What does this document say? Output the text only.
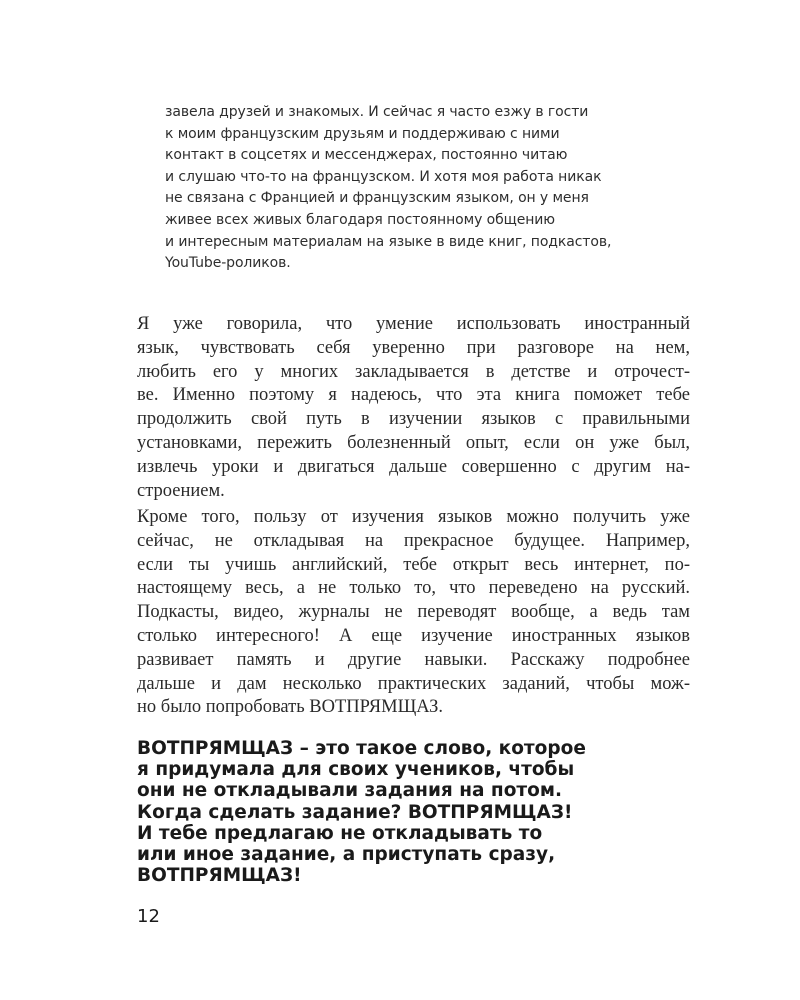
завела друзей и знакомых. И сейчас я часто езжу в гости
к моим французским друзьям и поддерживаю с ними
контакт в соцсетях и мессенджерах, постоянно читаю
и слушаю что-то на французском. И хотя моя работа никак
не связана с Францией и французским языком, он у меня
живее всех живых благодаря постоянному общению
и интересным материалам на языке в виде книг, подкастов,
YouTube-роликов.
Я уже говорила, что умение использовать иностранный
язык, чувствовать себя уверенно при разговоре на нем,
любить его у многих закладывается в детстве и отрочест-
ве. Именно поэтому я надеюсь, что эта книга поможет тебе
продолжить свой путь в изучении языков с правильными
установками, пережить болезненный опыт, если он уже был,
извлечь уроки и двигаться дальше совершенно с другим на-
строением.
Кроме того, пользу от изучения языков можно получить уже
сейчас, не откладывая на прекрасное будущее. Например,
если ты учишь английский, тебе открыт весь интернет, по-
настоящему весь, а не только то, что переведено на русский.
Подкасты, видео, журналы не переводят вообще, а ведь там
столько интересного! А еще изучение иностранных языков
развивает память и другие навыки. Расскажу подробнее
дальше и дам несколько практических заданий, чтобы мож-
но было попробовать ВОТПРЯМЩАЗ.
ВОТПРЯМЩАЗ – это такое слово, которое
я придумала для своих учеников, чтобы
они не откладывали задания на потом.
Когда сделать задание? ВОТПРЯМЩАЗ!
И тебе предлагаю не откладывать то
или иное задание, а приступать сразу,
ВОТПРЯМЩАЗ!
12
